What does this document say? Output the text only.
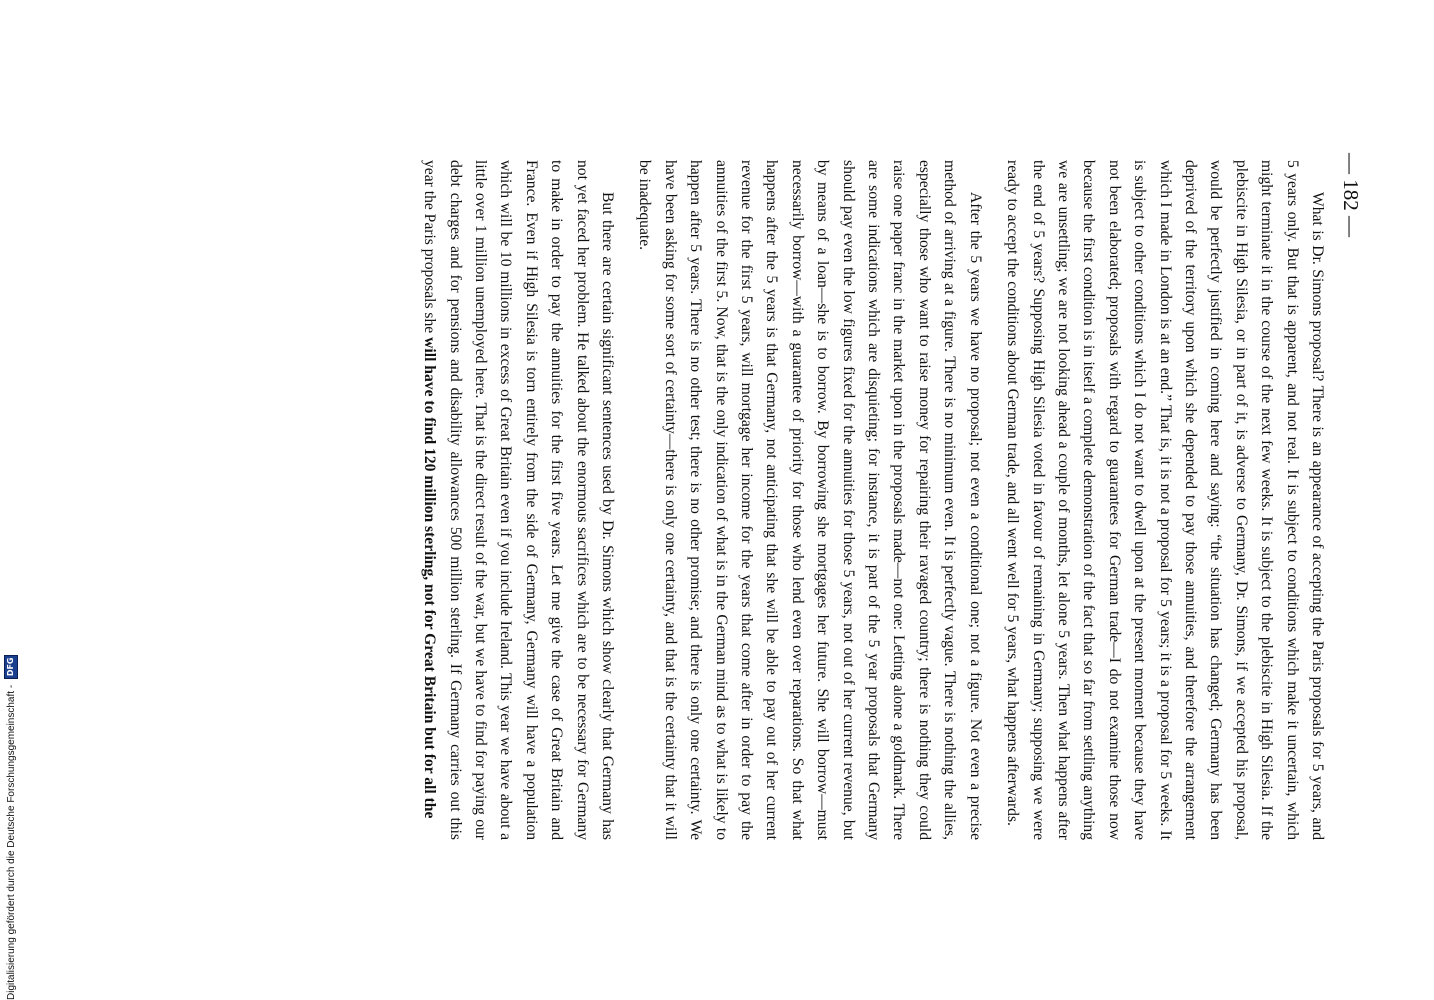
— 182 —

What is Dr. Simons proposal? There is an appearance of accepting the Paris proposals for 5 years, and 5 years only. But that is apparent, and not real. It is subject to conditions which make it uncertain, which might terminate it in the course of the next few weeks. It is subject to the plebiscite in High Silesia. If the plebiscite in High Silesia, or in part of it, is adverse to Germany, Dr. Simons, if we accepted his proposal, would be perfectly justified in coming here and saying: “the situation has changed; Germany has been deprived of the territory upon which she depended to pay those annuities, and therefore the arrangement which I made in London is at an end.” That is, it is not a proposal for 5 years; it is a proposal for 5 weeks. It is subject to other conditions which I do not want to dwell upon at the present moment because they have not been elaborated; proposals with regard to guarantees for German trade—I do not examine those now because the first condition is in itself a complete demonstration of the fact that so far from settling anything we are unsettling; we are not looking ahead a couple of months, let alone 5 years. Then what happens after the end of 5 years? Supposing High Silesia voted in favour of remaining in Germany; supposing we were ready to accept the conditions about German trade, and all went well for 5 years, what happens afterwards.

After the 5 years we have no proposal; not even a conditional one; not a figure. Not even a precise method of arriving at a figure. There is no minimum even. It is perfectly vague. There is nothing the allies, especially those who want to raise money for repairing their ravaged country; there is nothing they could raise one paper franc in the market upon in the proposals made—not one: Letting alone a goldmark. There are some indications which are disquieting; for instance, it is part of the 5 year proposals that Germany should pay even the low figures fixed for the annuities for those 5 years, not out of her current revenue, but by means of a loan—she is to borrow. By borrowing she mortgages her future. She will borrow—must necessarily borrow—with a guarantee of priority for those who lend even over reparations. So that what happens after the 5 years is that Germany, not anticipating that she will be able to pay out of her current revenue for the first 5 years, will mortgage her income for the years that come after in order to pay the annuities of the first 5. Now, that is the only indication of what is in the German mind as to what is likely to happen after 5 years. There is no other test; there is no other promise; and there is only one certainty. We have been asking for some sort of certainty—there is only one certainty, and that is the certainty that it will be inadequate.

But there are certain significant sentences used by Dr. Simons which show clearly that Germany has not yet faced her problem. He talked about the enormous sacrifices which are to be necessary for Germany to make in order to pay the annuities for the first five years. Let me give the case of Great Britain and France. Even if High Silesia is torn entirely from the side of Germany, Germany will have a population which will be 10 millions in excess of Great Britain even if you include Ireland. This year we have about a little over 1 million unemployed here. That is the direct result of the war, but we have to find for paying our debt charges and for pensions and disability allowances 500 million sterling. If Germany carries out this year the Paris proposals she will have to find 120 million sterling, not for Great Britain but for all the

Digitalisierung gefördert durch die Deutsche Forschungsgemeinschaft -
DFG
